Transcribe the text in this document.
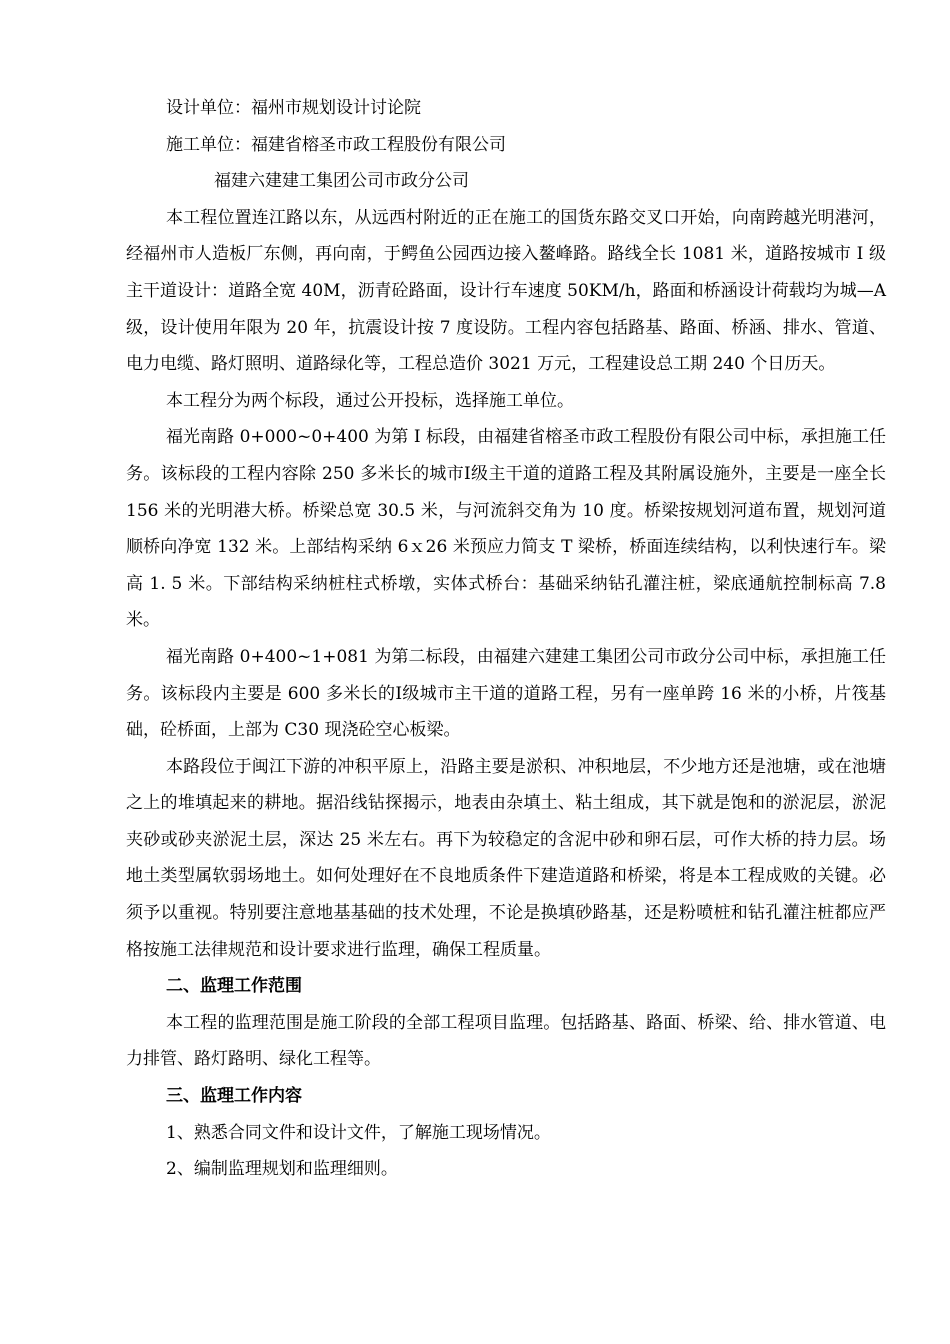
设计单位：福州市规划设计讨论院
施工单位：福建省榕圣市政工程股份有限公司
福建六建建工集团公司市政分公司

本工程位置连江路以东，从远西村附近的正在施工的国货东路交叉口开始，向南跨越光明港河，经福州市人造板厂东侧，再向南，于鳄鱼公园西边接入鳌峰路。路线全长 1081 米，道路按城市 I 级主干道设计：道路全宽 40M，沥青砼路面，设计行车速度 50KM/h，路面和桥涵设计荷载均为城—A 级，设计使用年限为 20 年，抗震设计按 7 度设防。工程内容包括路基、路面、桥涵、排水、管道、电力电缆、路灯照明、道路绿化等，工程总造价 3021 万元，工程建设总工期 240 个日历天。

本工程分为两个标段，通过公开投标，选择施工单位。

福光南路 0+000~0+400 为第 I 标段，由福建省榕圣市政工程股份有限公司中标，承担施工任务。该标段的工程内容除 250 多米长的城市Ⅰ级主干道的道路工程及其附属设施外，主要是一座全长 156 米的光明港大桥。桥梁总宽 30.5 米，与河流斜交角为 10 度。桥梁按规划河道布置，规划河道顺桥向净宽 132 米。上部结构采纳 6ｘ26 米预应力简支 T 梁桥，桥面连续结构，以利快速行车。梁高 1. 5 米。下部结构采纳桩柱式桥墩，实体式桥台：基础采纳钻孔灌注桩，梁底通航控制标高 7.8 米。

福光南路 0+400~1+081 为第二标段，由福建六建建工集团公司市政分公司中标，承担施工任务。该标段内主要是 600 多米长的Ⅰ级城市主干道的道路工程，另有一座单跨 16 米的小桥，片筏基础，砼桥面，上部为 C30 现浇砼空心板梁。

本路段位于闽江下游的冲积平原上，沿路主要是淤积、冲积地层，不少地方还是池塘，或在池塘之上的堆填起来的耕地。据沿线钻探揭示，地表由杂填土、粘土组成，其下就是饱和的淤泥层，淤泥夹砂或砂夹淤泥土层，深达 25 米左右。再下为较稳定的含泥中砂和卵石层，可作大桥的持力层。场地土类型属软弱场地土。如何处理好在不良地质条件下建造道路和桥梁，将是本工程成败的关键。必须予以重视。特别要注意地基基础的技术处理，不论是换填砂路基，还是粉喷桩和钻孔灌注桩都应严格按施工法律规范和设计要求进行监理，确保工程质量。

二、监理工作范围

本工程的监理范围是施工阶段的全部工程项目监理。包括路基、路面、桥梁、给、排水管道、电力排管、路灯路明、绿化工程等。

三、监理工作内容
1、熟悉合同文件和设计文件，了解施工现场情况。
2、编制监理规划和监理细则。
